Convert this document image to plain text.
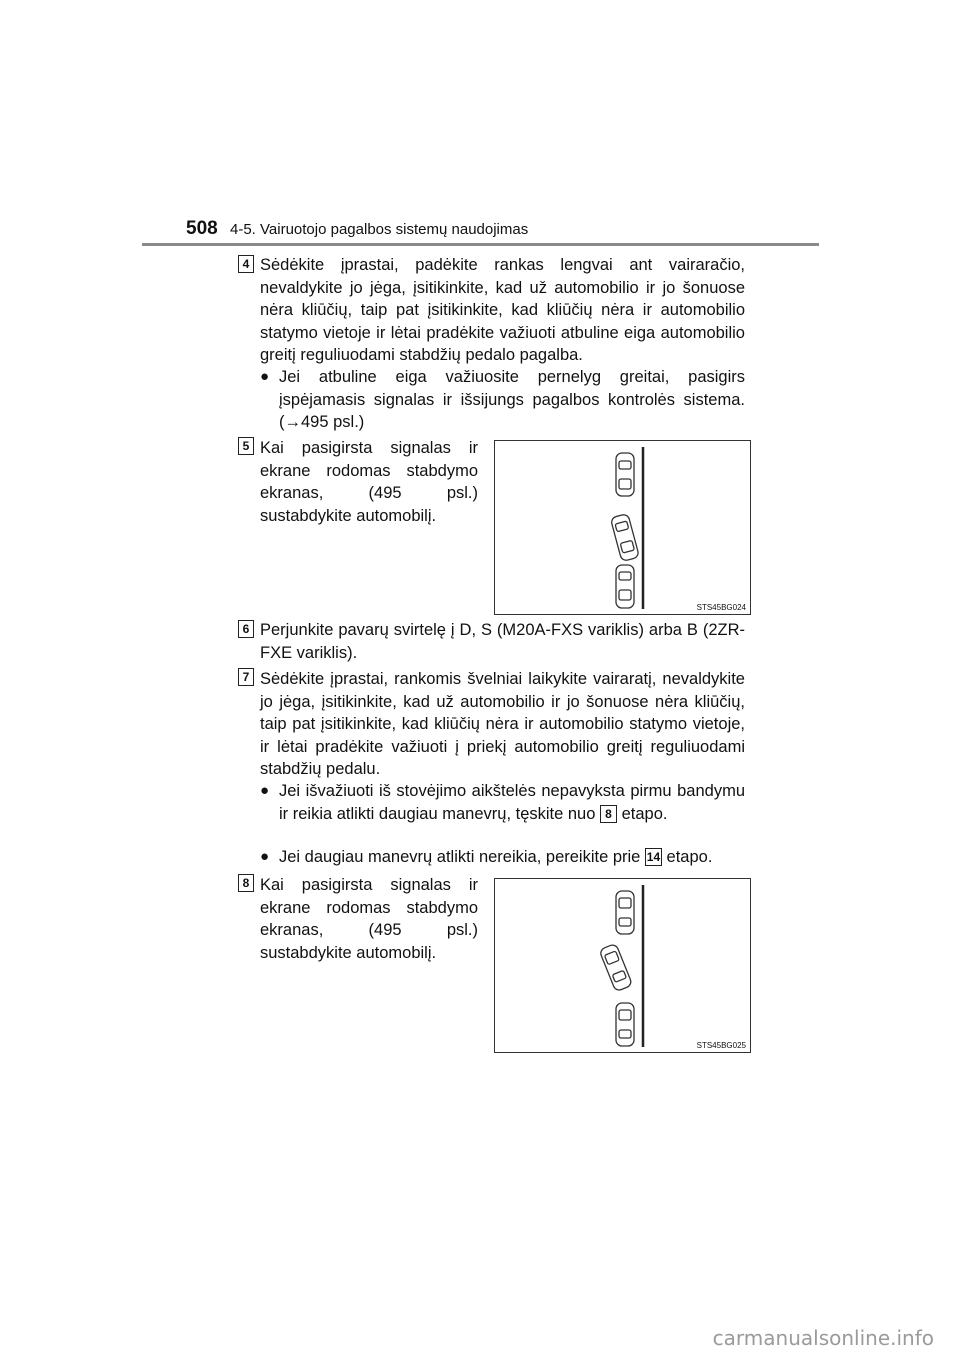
508 4-5. Vairuotojo pagalbos sistemų naudojimas
4 Sėdėkite įprastai, padėkite rankas lengvai ant vairaračio, nevaldykite jo jėga, įsitikinkite, kad už automobilio ir jo šonuose nėra kliūčių, taip pat įsitikinkite, kad kliūčių nėra ir automobilio statymo vietoje ir lėtai pradėkite važiuoti atbuline eiga automobilio greitį reguliuodami stabdžių pedalo pagalba.
● Jei atbuline eiga važiuosite pernelyg greitai, pasigirs įspėjamasis signalas ir išsijungs pagalbos kontrolės sistema. (→495 psl.)
5 Kai pasigirsta signalas ir ekrane rodomas stabdymo ekranas, (495 psl.) sustabdykite automobilį.
STS45BG024
6 Perjunkite pavarų svirtelę į D, S (M20A-FXS variklis) arba B (2ZR-FXE variklis).
7 Sėdėkite įprastai, rankomis švelniai laikykite vairaratį, nevaldykite jo jėga, įsitikinkite, kad už automobilio ir jo šonuose nėra kliūčių, taip pat įsitikinkite, kad kliūčių nėra ir automobilio statymo vietoje, ir lėtai pradėkite važiuoti į priekį automobilio greitį reguliuodami stabdžių pedalu.
● Jei išvažiuoti iš stovėjimo aikštelės nepavyksta pirmu bandymu ir reikia atlikti daugiau manevrų, tęskite nuo 8 etapo.
● Jei daugiau manevrų atlikti nereikia, pereikite prie 14 etapo.
8 Kai pasigirsta signalas ir ekrane rodomas stabdymo ekranas, (495 psl.) sustabdykite automobilį.
STS45BG025
carmanualsonline.info
